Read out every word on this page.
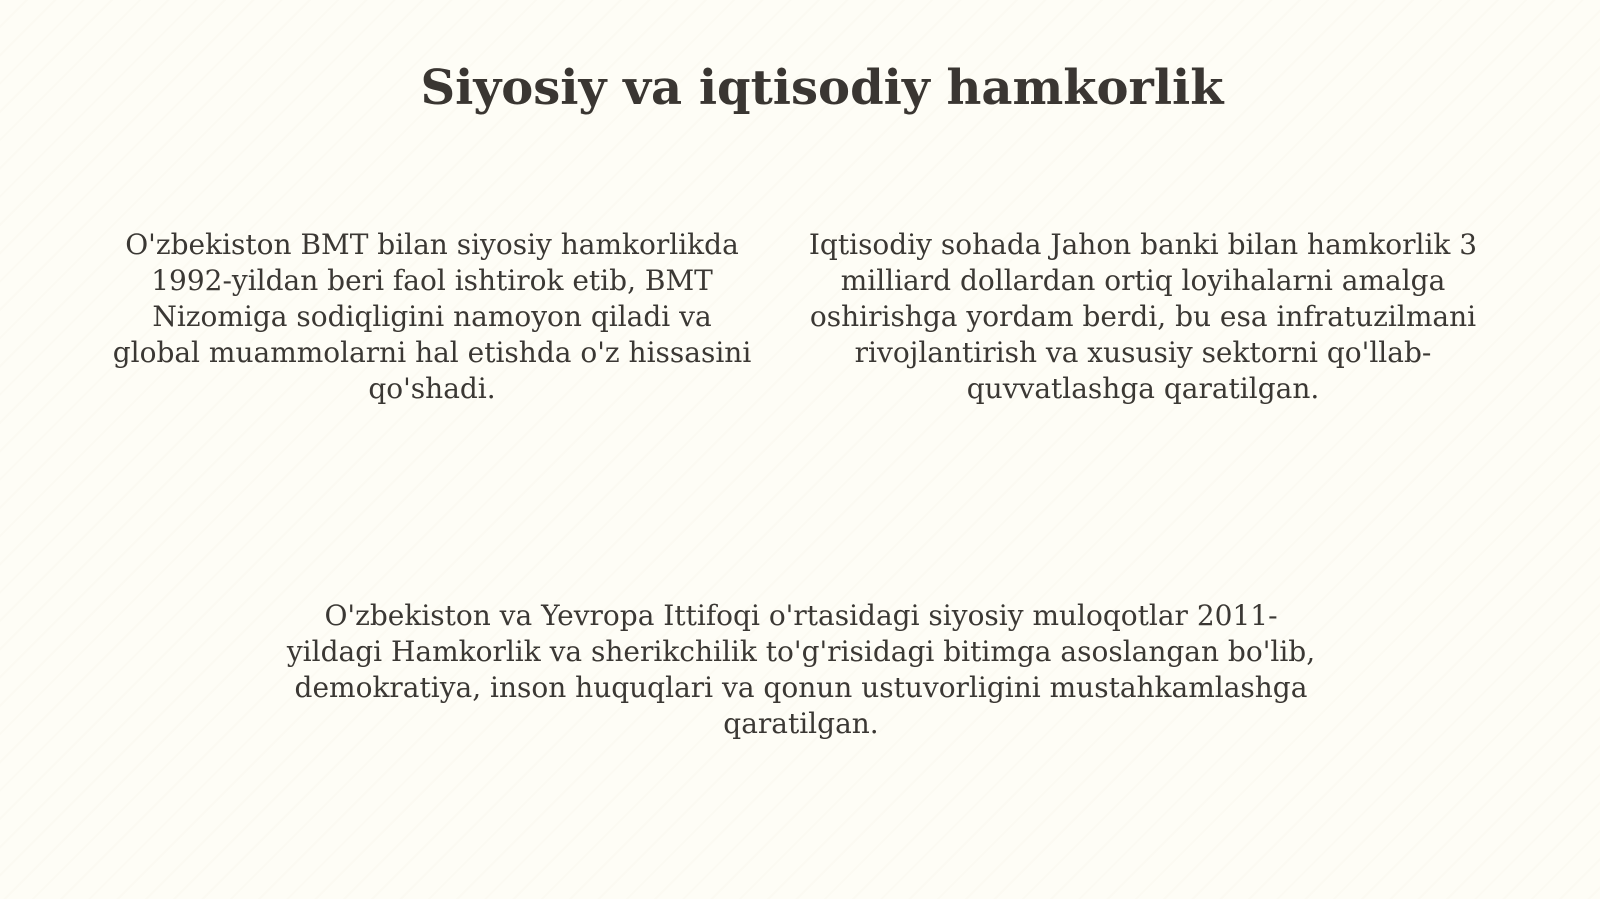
Siyosiy va iqtisodiy hamkorlik

O'zbekiston BMT bilan siyosiy hamkorlikda 1992-yildan beri faol ishtirok etib, BMT Nizomiga sodiqligini namoyon qiladi va global muammolarni hal etishda o'z hissasini qo'shadi.

Iqtisodiy sohada Jahon banki bilan hamkorlik 3 milliard dollardan ortiq loyihalarni amalga oshirishga yordam berdi, bu esa infratuzilmani rivojlantirish va xususiy sektorni qo'llab-quvvatlashga qaratilgan.

O'zbekiston va Yevropa Ittifoqi o'rtasidagi siyosiy muloqotlar 2011-yildagi Hamkorlik va sherikchilik to'g'risidagi bitimga asoslangan bo'lib, demokratiya, inson huquqlari va qonun ustuvorligini mustahkamlashga qaratilgan.
